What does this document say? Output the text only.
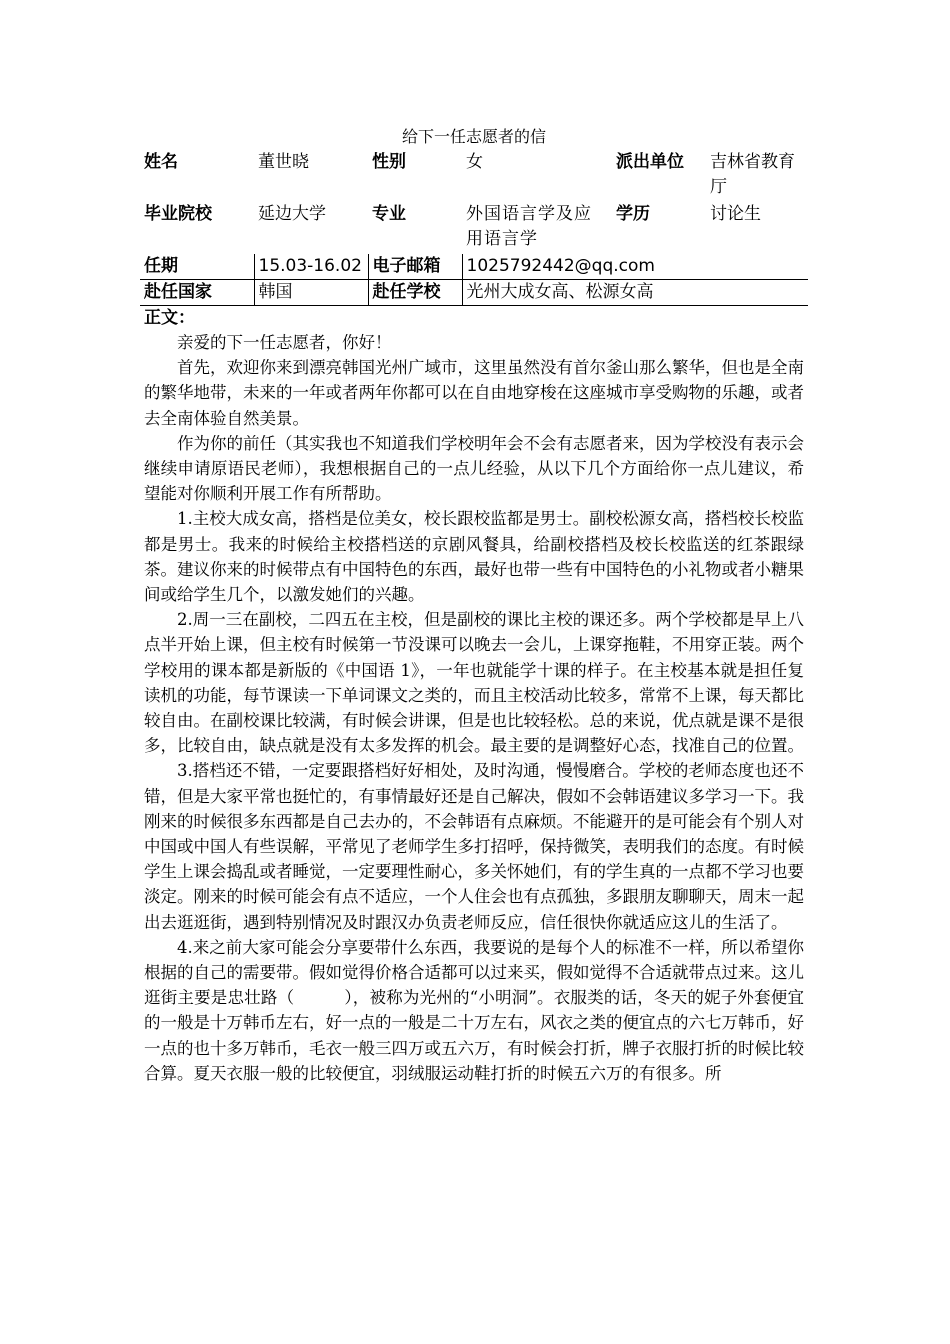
给下一任志愿者的信
姓名	董世晓	性别	女	派出单位	吉林省教育厅
毕业院校	延边大学	专业	外国语言学及应用语言学	学历	讨论生
任期	15.03-16.02	电子邮箱	1025792442@qq.com		
赴任国家	韩国	赴任学校	光州大成女高、松源女高		
正文：

亲爱的下一任志愿者，你好！

首先，欢迎你来到漂亮韩国光州广域市，这里虽然没有首尔釜山那么繁华，但也是全南的繁华地带，未来的一年或者两年你都可以在自由地穿梭在这座城市享受购物的乐趣，或者去全南体验自然美景。

作为你的前任（其实我也不知道我们学校明年会不会有志愿者来，因为学校没有表示会继续申请原语民老师），我想根据自己的一点儿经验，从以下几个方面给你一点儿建议，希望能对你顺利开展工作有所帮助。

1.主校大成女高，搭档是位美女，校长跟校监都是男士。副校松源女高，搭档校长校监都是男士。我来的时候给主校搭档送的京剧风餐具，给副校搭档及校长校监送的红茶跟绿茶。建议你来的时候带点有中国特色的东西，最好也带一些有中国特色的小礼物或者小糖果间或给学生几个，以激发她们的兴趣。

2.周一三在副校，二四五在主校，但是副校的课比主校的课还多。两个学校都是早上八点半开始上课，但主校有时候第一节没课可以晚去一会儿，上课穿拖鞋，不用穿正装。两个学校用的课本都是新版的《中国语 1》，一年也就能学十课的样子。在主校基本就是担任复读机的功能，每节课读一下单词课文之类的，而且主校活动比较多，常常不上课，每天都比较自由。在副校课比较满，有时候会讲课，但是也比较轻松。总的来说，优点就是课不是很多，比较自由，缺点就是没有太多发挥的机会。最主要的是调整好心态，找准自己的位置。

3.搭档还不错，一定要跟搭档好好相处，及时沟通，慢慢磨合。学校的老师态度也还不错，但是大家平常也挺忙的，有事情最好还是自己解决，假如不会韩语建议多学习一下。我刚来的时候很多东西都是自己去办的，不会韩语有点麻烦。不能避开的是可能会有个别人对中国或中国人有些误解，平常见了老师学生多打招呼，保持微笑，表明我们的态度。有时候学生上课会捣乱或者睡觉，一定要理性耐心，多关怀她们，有的学生真的一点都不学习也要淡定。刚来的时候可能会有点不适应，一个人住会也有点孤独，多跟朋友聊聊天，周末一起出去逛逛街，遇到特别情况及时跟汉办负责老师反应，信任很快你就适应这儿的生活了。

4.来之前大家可能会分享要带什么东西，我要说的是每个人的标准不一样，所以希望你根据的自己的需要带。假如觉得价格合适都可以过来买，假如觉得不合适就带点过来。这儿逛街主要是忠壮路（　　　），被称为光州的“小明洞”。衣服类的话，冬天的妮子外套便宜的一般是十万韩币左右，好一点的一般是二十万左右，风衣之类的便宜点的六七万韩币，好一点的也十多万韩币，毛衣一般三四万或五六万，有时候会打折，牌子衣服打折的时候比较合算。夏天衣服一般的比较便宜，羽绒服运动鞋打折的时候五六万的有很多。所
